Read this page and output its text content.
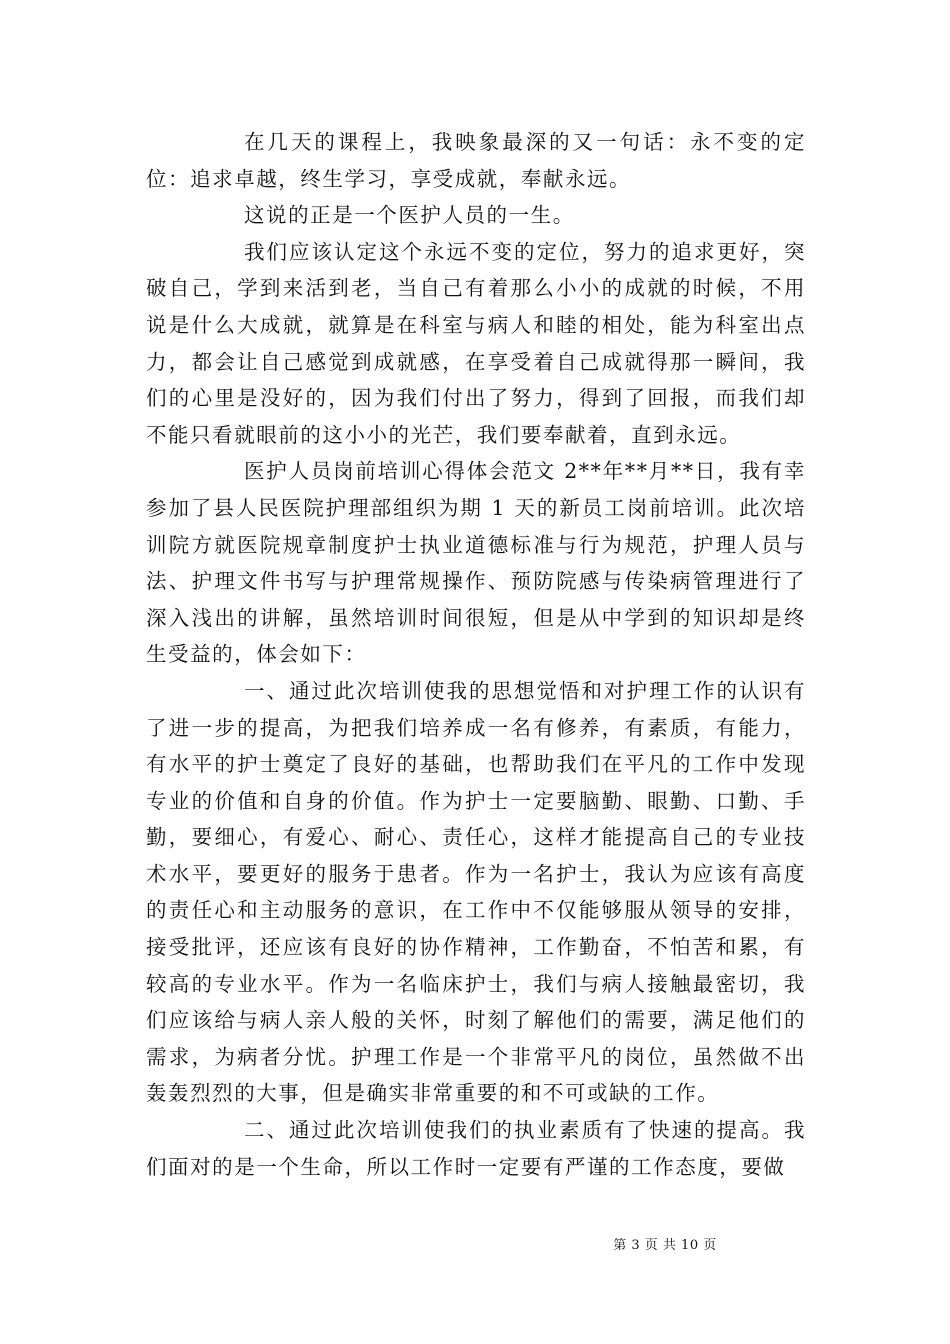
在几天的课程上，我映象最深的又一句话：永不变的定位：追求卓越，终生学习，享受成就，奉献永远。

这说的正是一个医护人员的一生。

我们应该认定这个永远不变的定位，努力的追求更好，突破自己，学到来活到老，当自己有着那么小小的成就的时候，不用说是什么大成就，就算是在科室与病人和睦的相处，能为科室出点力，都会让自己感觉到成就感，在享受着自己成就得那一瞬间，我们的心里是没好的，因为我们付出了努力，得到了回报，而我们却不能只看就眼前的这小小的光芒，我们要奉献着，直到永远。

医护人员岗前培训心得体会范文 2**年**月**日，我有幸参加了县人民医院护理部组织为期 1 天的新员工岗前培训。此次培训院方就医院规章制度护士执业道德标准与行为规范，护理人员与法、护理文件书写与护理常规操作、预防院感与传染病管理进行了深入浅出的讲解，虽然培训时间很短，但是从中学到的知识却是终生受益的，体会如下：

一、通过此次培训使我的思想觉悟和对护理工作的认识有了进一步的提高，为把我们培养成一名有修养，有素质，有能力，有水平的护士奠定了良好的基础，也帮助我们在平凡的工作中发现专业的价值和自身的价值。作为护士一定要脑勤、眼勤、口勤、手勤，要细心，有爱心、耐心、责任心，这样才能提高自己的专业技术水平，要更好的服务于患者。作为一名护士，我认为应该有高度的责任心和主动服务的意识，在工作中不仅能够服从领导的安排，接受批评，还应该有良好的协作精神，工作勤奋，不怕苦和累，有较高的专业水平。作为一名临床护士，我们与病人接触最密切，我们应该给与病人亲人般的关怀，时刻了解他们的需要，满足他们的需求，为病者分忧。护理工作是一个非常平凡的岗位，虽然做不出轰轰烈烈的大事，但是确实非常重要的和不可或缺的工作。

二、通过此次培训使我们的执业素质有了快速的提高。我们面对的是一个生命，所以工作时一定要有严谨的工作态度，要做

第 3 页 共 10 页
